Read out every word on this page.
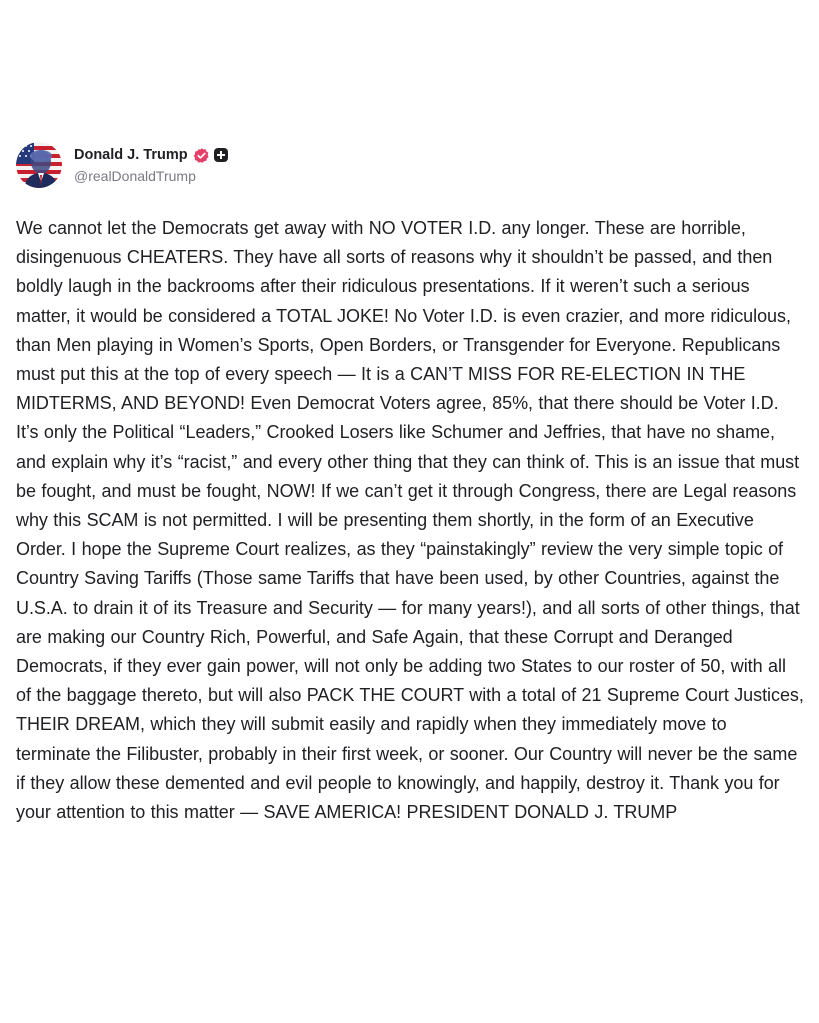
Donald J. Trump
@realDonaldTrump
We cannot let the Democrats get away with NO VOTER I.D. any longer. These are horrible, disingenuous CHEATERS. They have all sorts of reasons why it shouldn’t be passed, and then boldly laugh in the backrooms after their ridiculous presentations. If it weren’t such a serious matter, it would be considered a TOTAL JOKE! No Voter I.D. is even crazier, and more ridiculous, than Men playing in Women’s Sports, Open Borders, or Transgender for Everyone. Republicans must put this at the top of every speech — It is a CAN’T MISS FOR RE-ELECTION IN THE MIDTERMS, AND BEYOND! Even Democrat Voters agree, 85%, that there should be Voter I.D. It’s only the Political “Leaders,” Crooked Losers like Schumer and Jeffries, that have no shame, and explain why it’s “racist,” and every other thing that they can think of. This is an issue that must be fought, and must be fought, NOW! If we can’t get it through Congress, there are Legal reasons why this SCAM is not permitted. I will be presenting them shortly, in the form of an Executive Order. I hope the Supreme Court realizes, as they “painstakingly” review the very simple topic of Country Saving Tariffs (Those same Tariffs that have been used, by other Countries, against the U.S.A. to drain it of its Treasure and Security — for many years!), and all sorts of other things, that are making our Country Rich, Powerful, and Safe Again, that these Corrupt and Deranged Democrats, if they ever gain power, will not only be adding two States to our roster of 50, with all of the baggage thereto, but will also PACK THE COURT with a total of 21 Supreme Court Justices, THEIR DREAM, which they will submit easily and rapidly when they immediately move to terminate the Filibuster, probably in their first week, or sooner. Our Country will never be the same if they allow these demented and evil people to knowingly, and happily, destroy it. Thank you for your attention to this matter — SAVE AMERICA! PRESIDENT DONALD J. TRUMP
